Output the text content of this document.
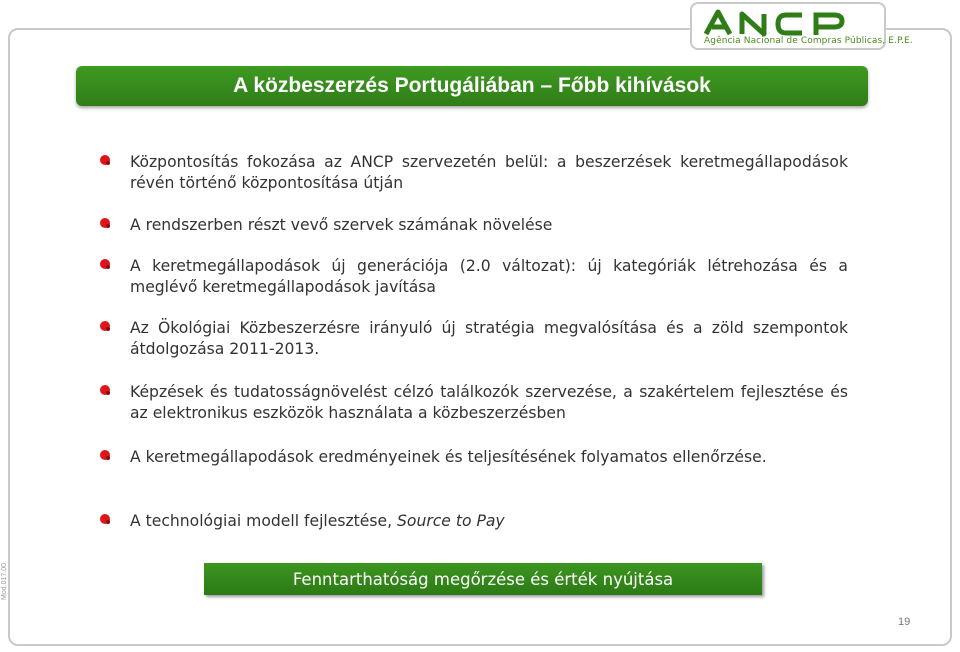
Agência Nacional de Compras Públicas, E.P.E.
A közbeszerzés Portugáliában – Főbb kihívások
Központosítás fokozása az ANCP szervezetén belül: a beszerzések keretmegállapodások révén történő központosítása útján
A rendszerben részt vevő szervek számának növelése
A keretmegállapodások új generációja (2.0 változat): új kategóriák létrehozása és a meglévő keretmegállapodások javítása
Az Ökológiai Közbeszerzésre irányuló új stratégia megvalósítása és a zöld szempontok átdolgozása 2011-2013.
Képzések és tudatosságnövelést célzó találkozók szervezése, a szakértelem fejlesztése és az elektronikus eszközök használata a közbeszerzésben
A keretmegállapodások eredményeinek és teljesítésének folyamatos ellenőrzése.
A technológiai modell fejlesztése, Source to Pay
Fenntarthatóság megőrzése és érték nyújtása
19
Mod.017.00
